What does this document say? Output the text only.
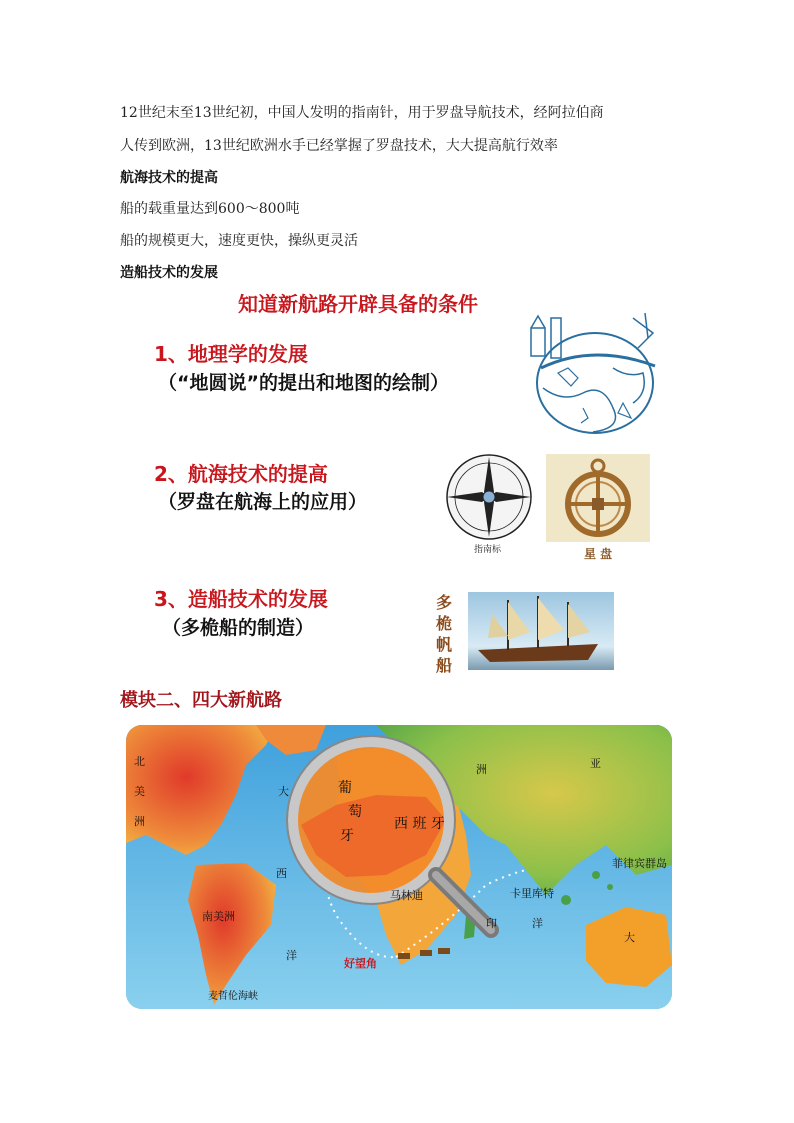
12世纪末至13世纪初，中国人发明的指南针，用于罗盘导航技术，经阿拉伯商
人传到欧洲，13世纪欧洲水手已经掌握了罗盘技术，大大提高航行效率
航海技术的提高
船的载重量达到600～800吨
船的规模更大，速度更快，操纵更灵活
造船技术的发展
知道新航路开辟具备的条件
1、地理学的发展
（“地圆说”的提出和地图的绘制）
2、航海技术的提高
（罗盘在航海上的应用）
指南标	星 盘
3、造船技术的发展
（多桅船的制造）
多
桅
帆
船
模块二、四大新航路
北
美
洲
大
西
洋
南美洲
麦哲伦海峡
葡
萄
牙
西 班 牙
洲	亚
菲律宾群岛
卡里库特
马林迪
印	洋
好望角
大
